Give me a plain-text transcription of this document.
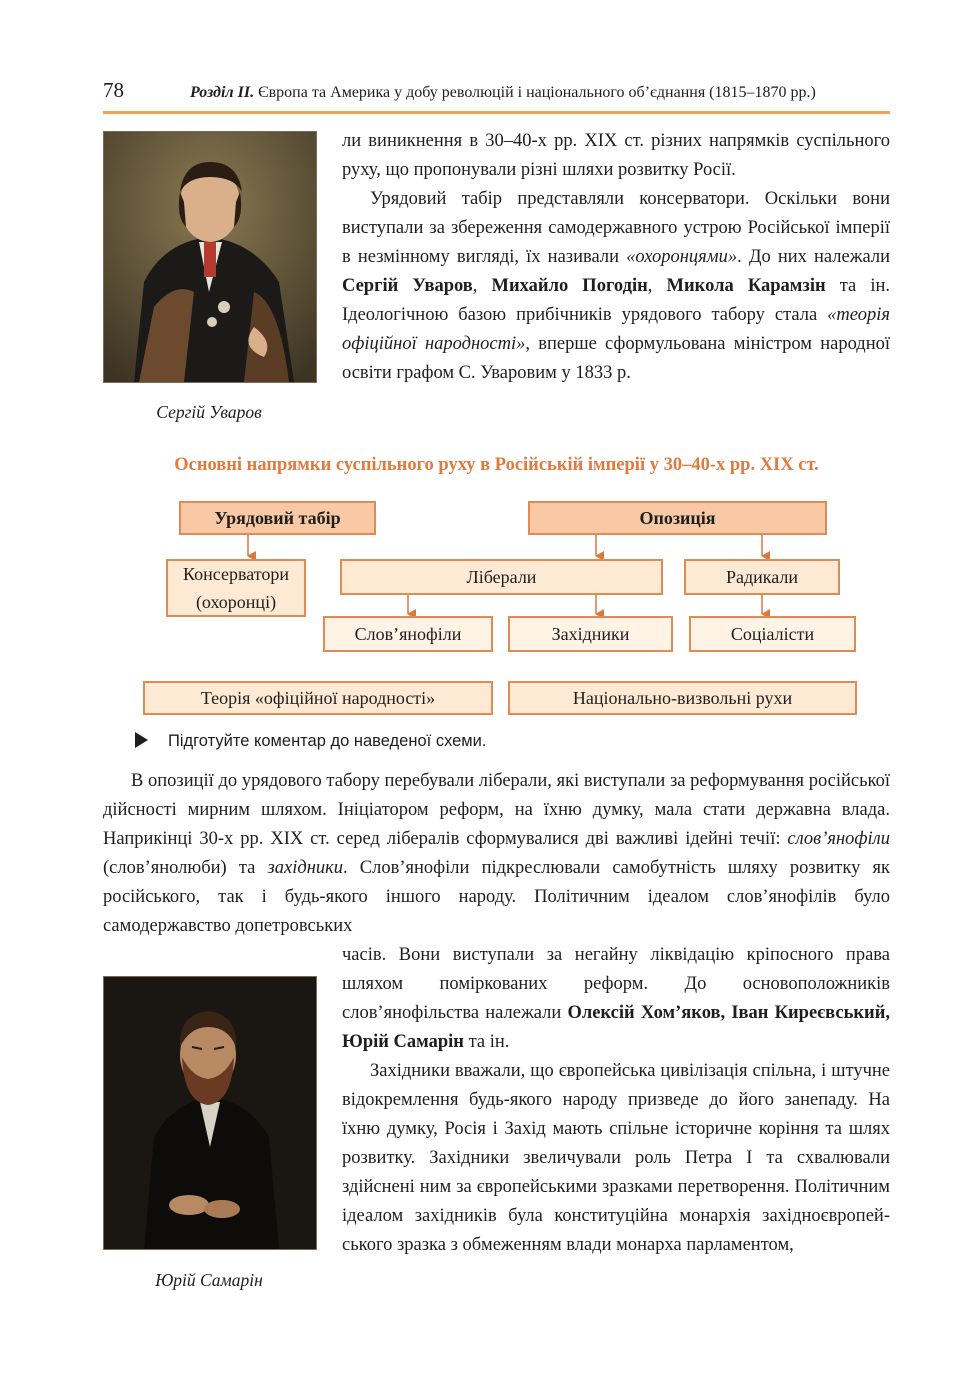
78	Розділ ІІ. Європа та Америка у добу революцій і національного об’єднання (1815–1870 рр.)
Сергій Уваров

ли виникнення в 30–40-х рр. XIX ст. різних напрямків суспільного руху, що пропонували різні шляхи розвитку Росії.

Урядовий табір представляли консерватори. Оскільки вони виступали за збереження самодержавного устрою Російської імперії в незмінному вигляді, їх називали «охоронцями». До них належали Сергій Уваров, Михайло Погодін, Микола Карамзін та ін. Ідеологічною базою прибічників урядового табору стала «теорія офіційної народності», вперше сформульована міністром народної освіти графом С. Уваровим у 1833 р.

Основні напрямки суспільного руху в Російській імперії у 30–40-х рр. XIX ст.
Урядовий табір	Опозиція
Консерватори (охоронці)
Ліберали	Радикали
Слов’янофіли	Західники	Соціалісти
Теорія «офіційної народності»	Національно-визвольні рухи
Підготуйте коментар до наведеної схеми.

В опозиції до урядового табору перебували ліберали, які виступали за реформування російської дійсності мирним шляхом. Ініціатором реформ, на їхню думку, мала стати державна влада. Наприкінці 30-х рр. XIX ст. серед лібералів сформувалися дві важливі ідейні течії: слов’янофіли (слов’янолюби) та західники. Слов’янофіли підкреслювали самобутність шляху розвитку як російського, так і будь-якого іншого народу. Політичним ідеалом слов’янофілів було самодержавство допетровських

Юрій Самарін

часів. Вони виступали за негайну ліквідацію кріпосного права шляхом поміркованих реформ. До основоположників слов’янофільства належали Олексій Хом’яков, Іван Киреєвський, Юрій Самарін та ін.

Західники вважали, що європейська цивілізація спільна, і штучне відокремлення будь-якого народу призведе до його занепаду. На їхню думку, Росія і Захід мають спільне історичне коріння та шлях розвитку. Західники звеличували роль Петра I та схвалювали здійснені ним за європейськими зразками перетворення. Політичним ідеалом західників була конституційна монархія західноєвропейського зразка з обмеженням влади монарха парламентом,
